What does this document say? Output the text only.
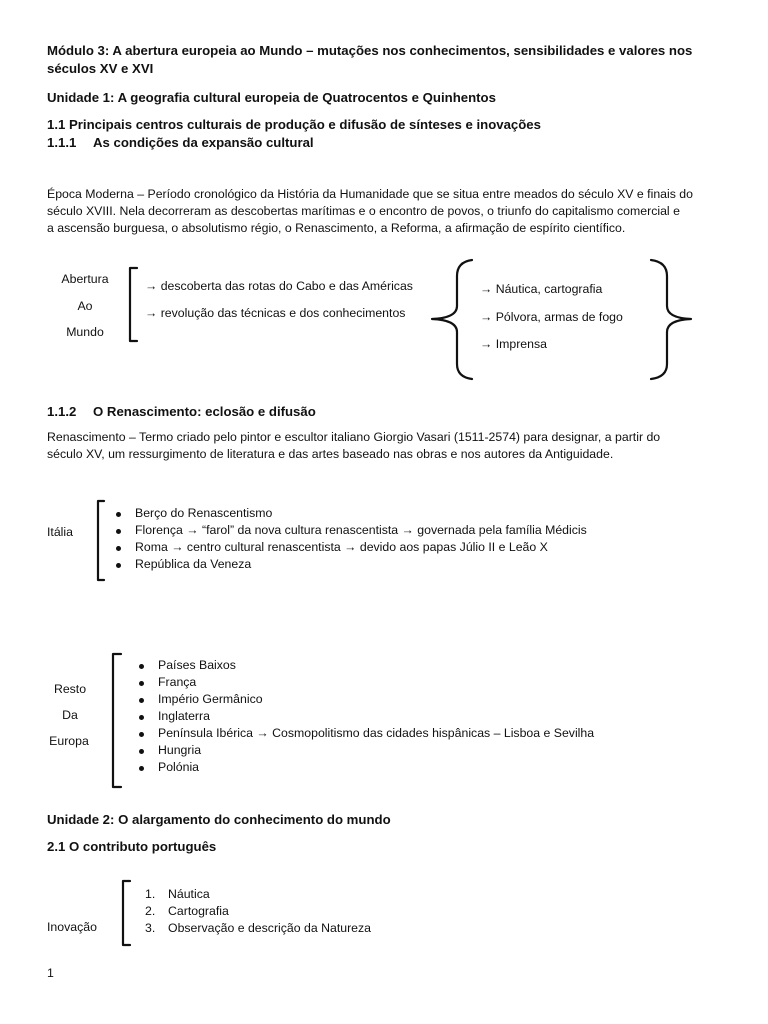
Módulo 3: A abertura europeia ao Mundo – mutações nos conhecimentos, sensibilidades e valores nos
séculos XV e XVI
Unidade 1: A geografia cultural europeia de Quatrocentos e Quinhentos
1.1 Principais centros culturais de produção e difusão de sínteses e inovações
1.1.1 As condições da expansão cultural
Época Moderna – Período cronológico da História da Humanidade que se situa entre meados do século XV e finais do
século XVIII. Nela decorreram as descobertas marítimas e o encontro de povos, o triunfo do capitalismo comercial e
a ascensão burguesa, o absolutismo régio, o Renascimento, a Reforma, a afirmação de espírito científico.
Abertura
Ao
Mundo
→ descoberta das rotas do Cabo e das Américas
→ revolução das técnicas e dos conhecimentos
→ Náutica, cartografia
→ Pólvora, armas de fogo
→ Imprensa
1.1.2 O Renascimento: eclosão e difusão
Renascimento – Termo criado pelo pintor e escultor italiano Giorgio Vasari (1511-2574) para designar, a partir do
século XV, um ressurgimento de literatura e das artes baseado nas obras e nos autores da Antiguidade.
Itália
Berço do Renascentismo
Florença → “farol” da nova cultura renascentista → governada pela família Médicis
Roma → centro cultural renascentista → devido aos papas Júlio II e Leão X
República da Veneza
Resto
Da
Europa
Países Baixos
França
Império Germânico
Inglaterra
Península Ibérica → Cosmopolitismo das cidades hispânicas – Lisboa e Sevilha
Hungria
Polónia
Unidade 2: O alargamento do conhecimento do mundo
2.1 O contributo português
Inovação
1. Náutica
2. Cartografia
3. Observação e descrição da Natureza
1
